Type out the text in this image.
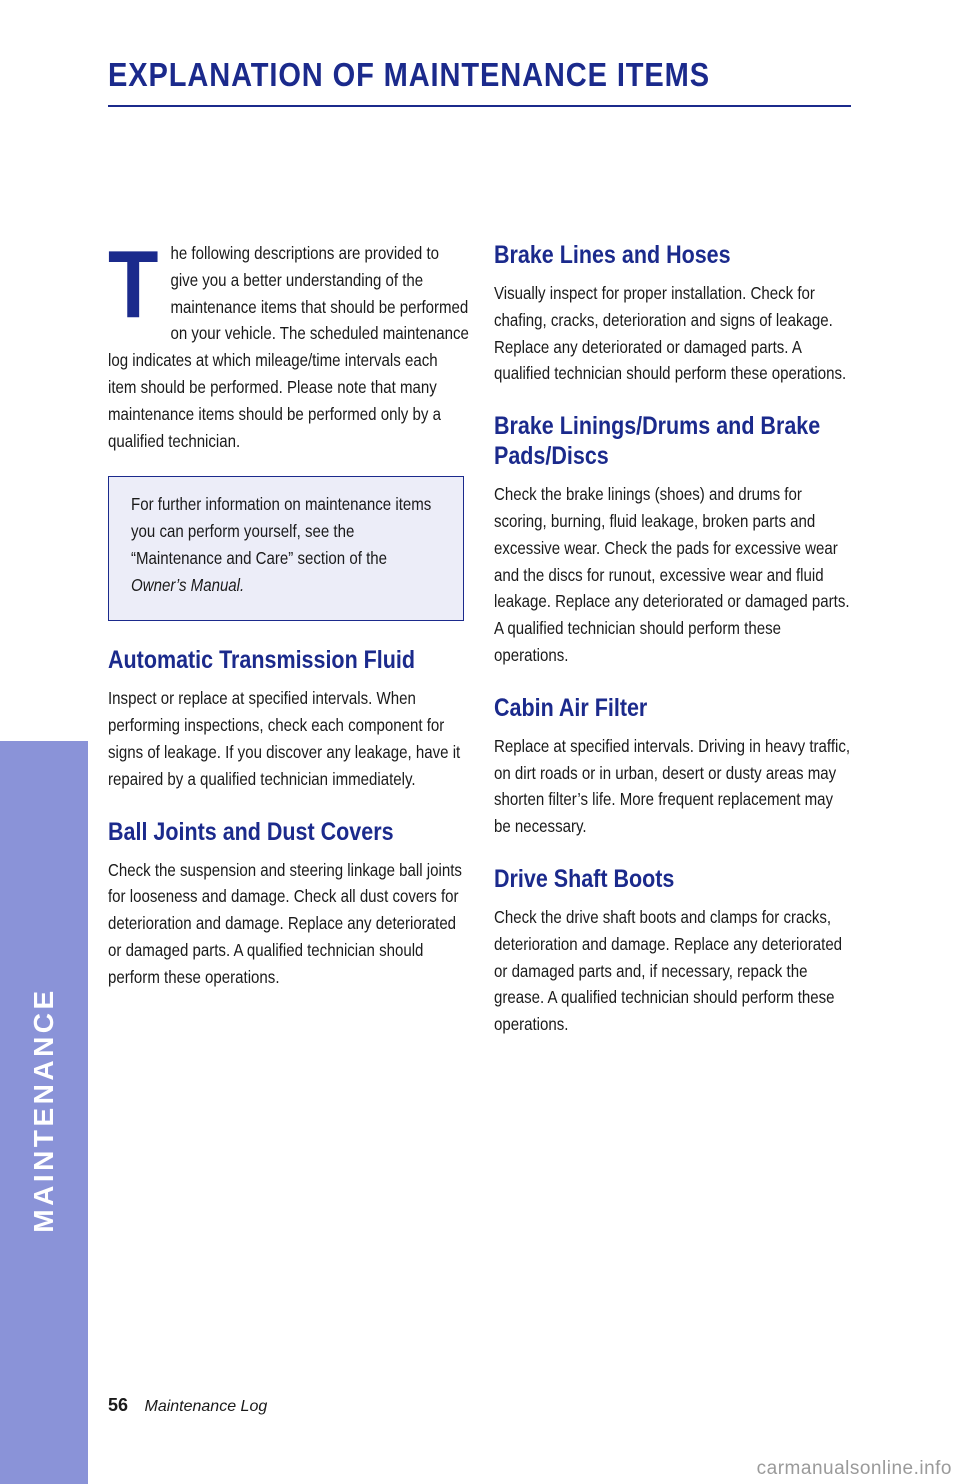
EXPLANATION OF MAINTENANCE ITEMS
MAINTENANCE

The following descriptions are provided to give you a better understanding of the maintenance items that should be performed on your vehicle. The scheduled maintenance log indicates at which mileage/time intervals each item should be performed. Please note that many maintenance items should be performed only by a qualified technician.

For further information on maintenance items you can perform yourself, see the “Maintenance and Care” section of the
Owner’s Manual.

Automatic Transmission Fluid

Inspect or replace at specified intervals. When performing inspections, check each component for signs of leakage. If you discover any leakage, have it repaired by a qualified technician immediately.

Ball Joints and Dust Covers

Check the suspension and steering linkage ball joints for looseness and damage. Check all dust covers for deterioration and damage. Replace any deteriorated or damaged parts. A qualified technician should perform these operations.

Brake Lines and Hoses

Visually inspect for proper installation. Check for chafing, cracks, deterioration and signs of leakage. Replace any deteriorated or damaged parts. A qualified technician should perform these operations.

Brake Linings/Drums and Brake Pads/Discs

Check the brake linings (shoes) and drums for scoring, burning, fluid leakage, broken parts and excessive wear. Check the pads for excessive wear and the discs for runout, excessive wear and fluid leakage. Replace any deteriorated or damaged parts. A qualified technician should perform these operations.

Cabin Air Filter

Replace at specified intervals. Driving in heavy traffic, on dirt roads or in urban, desert or dusty areas may shorten filter’s life. More frequent replacement may be necessary.

Drive Shaft Boots

Check the drive shaft boots and clamps for cracks, deterioration and damage. Replace any deteriorated or damaged parts and, if necessary, repack the grease. A qualified technician should perform these operations.

56 Maintenance Log
carmanualsonline.info
